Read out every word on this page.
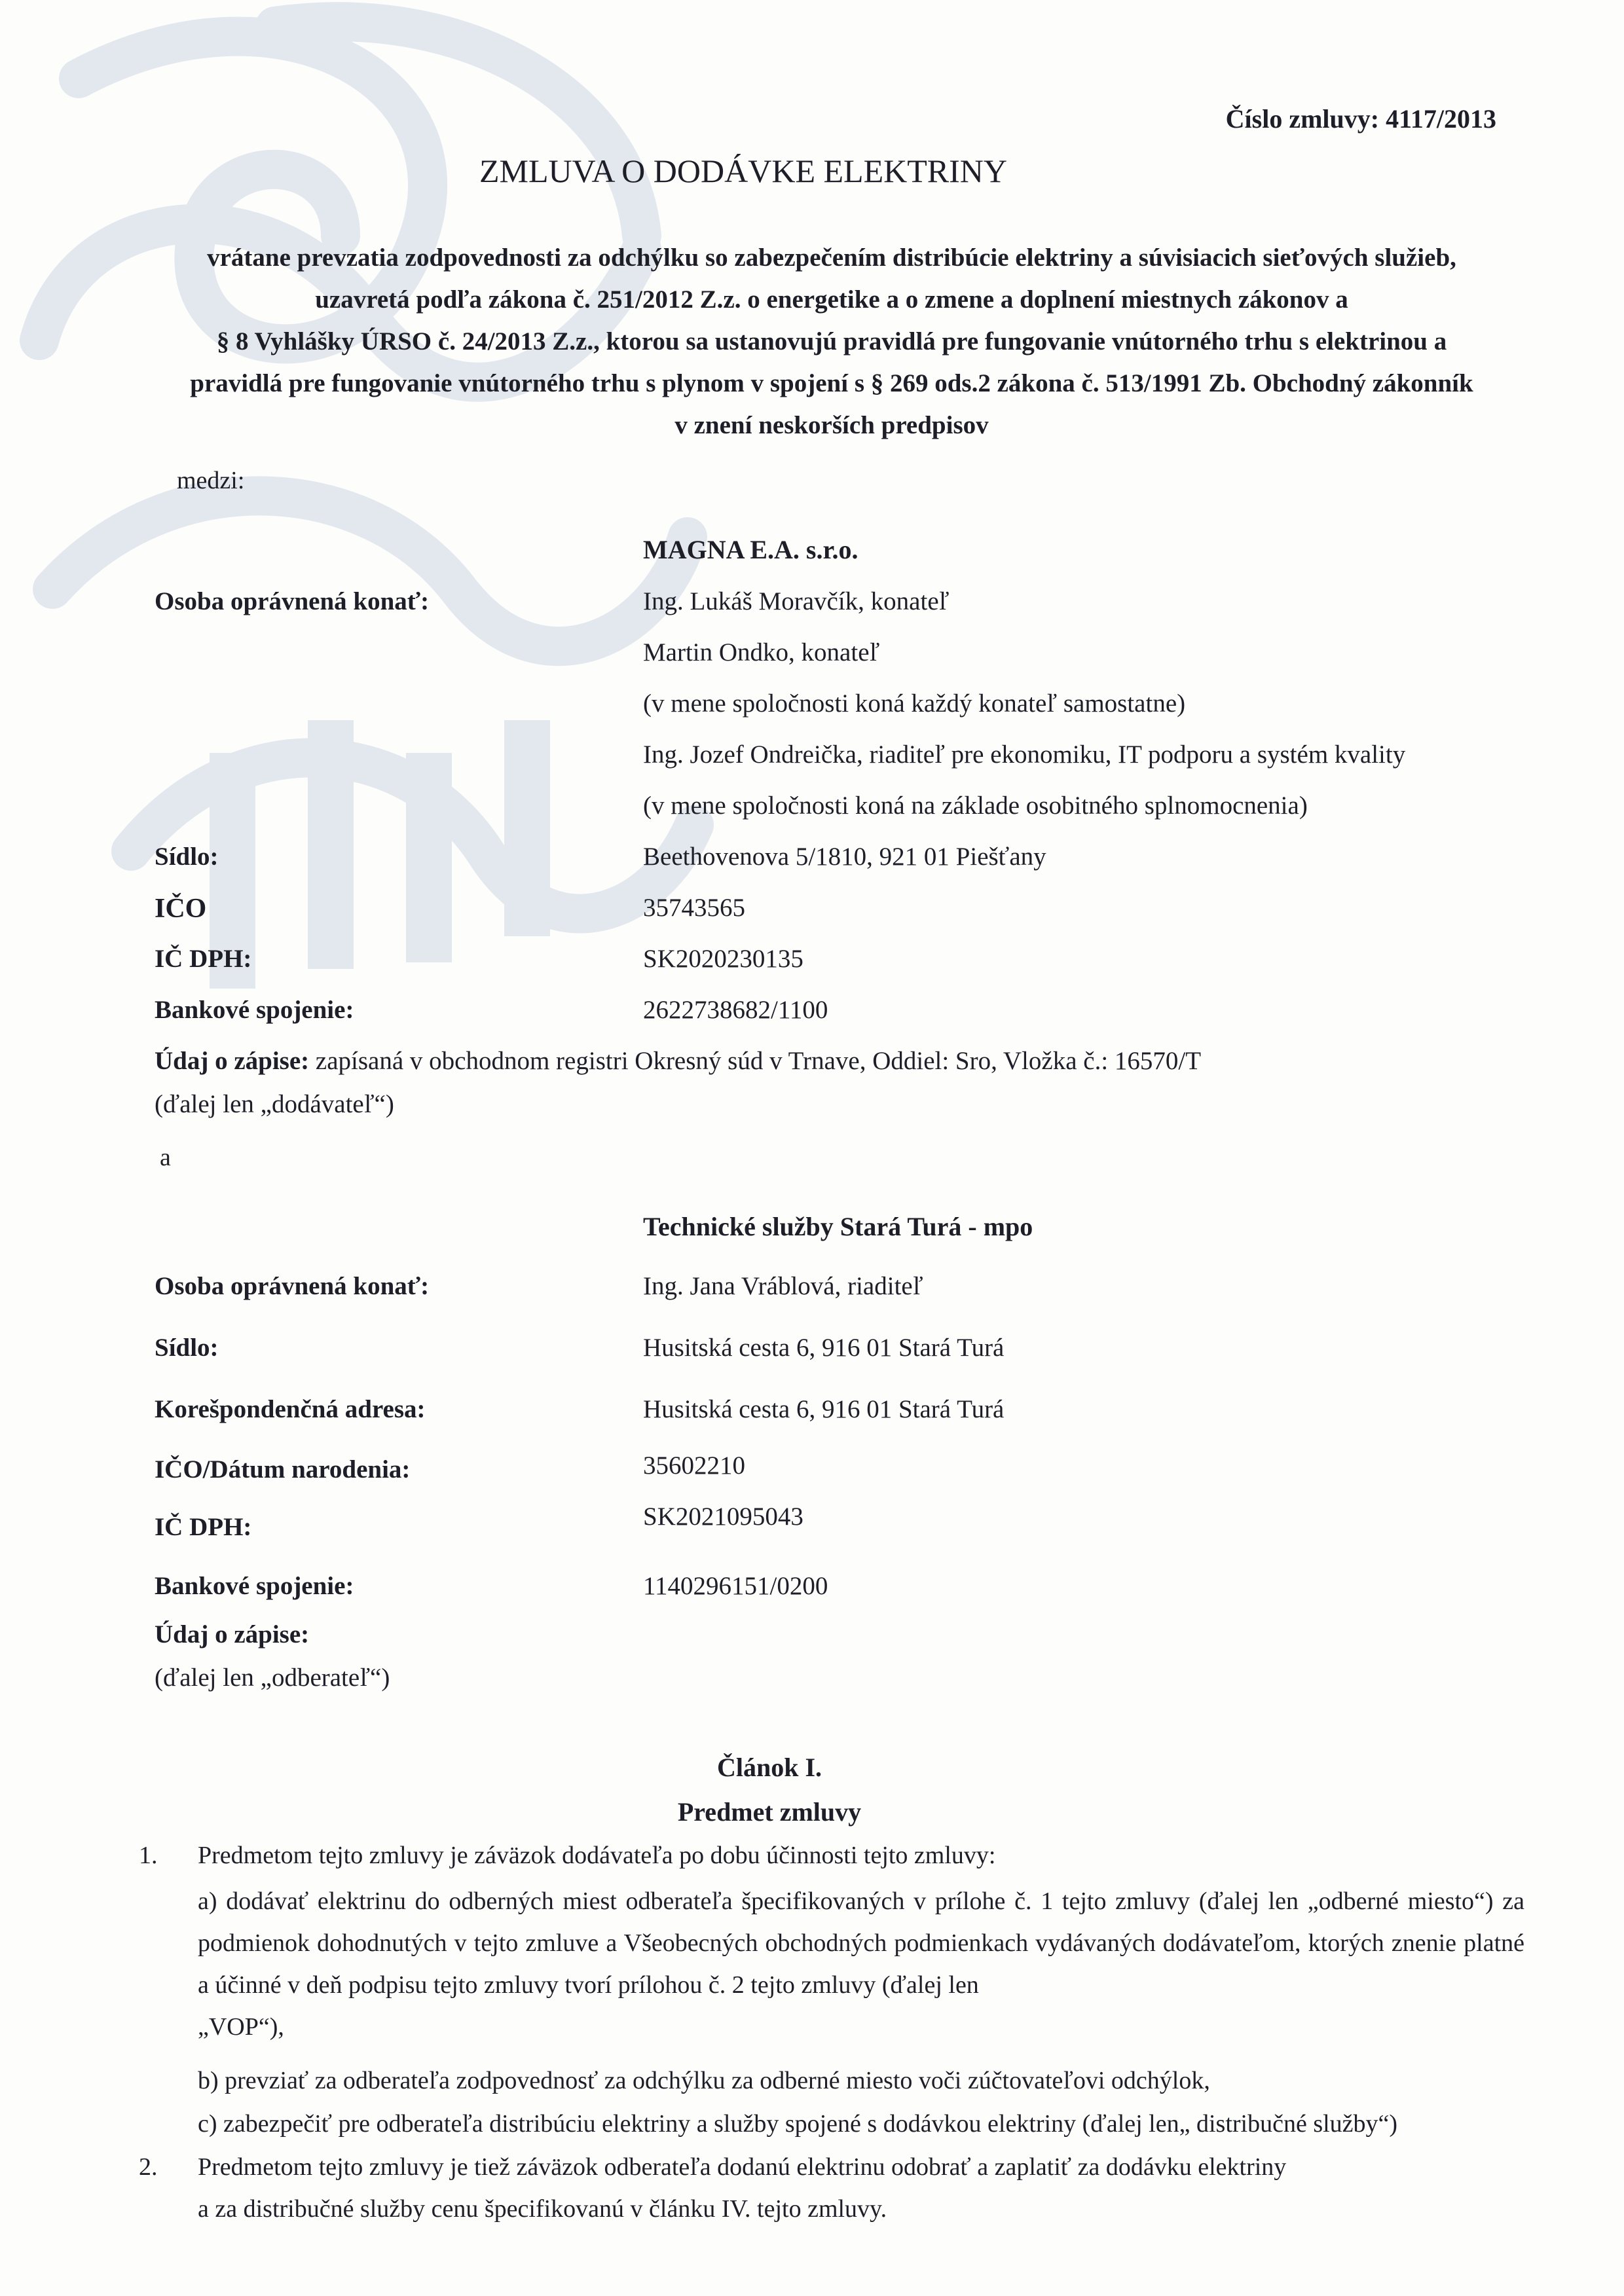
Číslo zmluvy: 4117/2013
ZMLUVA O DODÁVKE ELEKTRINY
vrátane prevzatia zodpovednosti za odchýlku so zabezpečením distribúcie elektriny a súvisiacich sieťových služieb,
uzavretá podľa zákona č. 251/2012 Z.z. o energetike a o zmene a doplnení miestnych zákonov a
§ 8 Vyhlášky ÚRSO č. 24/2013 Z.z., ktorou sa ustanovujú pravidlá pre fungovanie vnútorného trhu s elektrinou a
pravidlá pre fungovanie vnútorného trhu s plynom v spojení s § 269 ods.2 zákona č. 513/1991 Zb. Obchodný zákonník
v znení neskorších predpisov
medzi:
MAGNA E.A. s.r.o.
Osoba oprávnená konať:	Ing. Lukáš Moravčík, konateľ
Martin Ondko, konateľ
(v mene spoločnosti koná každý konateľ samostatne)
Ing. Jozef Ondreička, riaditeľ pre ekonomiku, IT podporu a systém kvality
(v mene spoločnosti koná na základe osobitného splnomocnenia)
Sídlo:	Beethovenova 5/1810, 921 01 Piešťany
IČO	35743565
IČ DPH:	SK2020230135
Bankové spojenie:	2622738682/1100
Údaj o zápise: zapísaná v obchodnom registri Okresný súd v Trnave, Oddiel: Sro, Vložka č.: 16570/T
(ďalej len „dodávateľ“)
a
Technické služby Stará Turá - mpo
Osoba oprávnená konať:	Ing. Jana Vráblová, riaditeľ
Sídlo:	Husitská cesta 6, 916 01 Stará Turá
Korešpondenčná adresa:	Husitská cesta 6, 916 01 Stará Turá
IČO/Dátum narodenia:	35602210
IČ DPH:	SK2021095043
Bankové spojenie:	1140296151/0200
Údaj o zápise:
(ďalej len „odberateľ“)
Článok I.
Predmet zmluvy
1. Predmetom tejto zmluvy je záväzok dodávateľa po dobu účinnosti tejto zmluvy:
a) dodávať elektrinu do odberných miest odberateľa špecifikovaných v prílohe č. 1 tejto zmluvy (ďalej len „odberné miesto“) za podmienok dohodnutých v tejto zmluve a Všeobecných obchodných podmienkach vydávaných dodávateľom, ktorých znenie platné a účinné v deň podpisu tejto zmluvy tvorí prílohou č. 2 tejto zmluvy (ďalej len
„VOP“),
b) prevziať za odberateľa zodpovednosť za odchýlku za odberné miesto voči zúčtovateľovi odchýlok,
c) zabezpečiť pre odberateľa distribúciu elektriny a služby spojené s dodávkou elektriny (ďalej len„ distribučné služby“)
2. Predmetom tejto zmluvy je tiež záväzok odberateľa dodanú elektrinu odobrať a zaplatiť za dodávku elektriny
a za distribučné služby cenu špecifikovanú v článku IV. tejto zmluvy.
